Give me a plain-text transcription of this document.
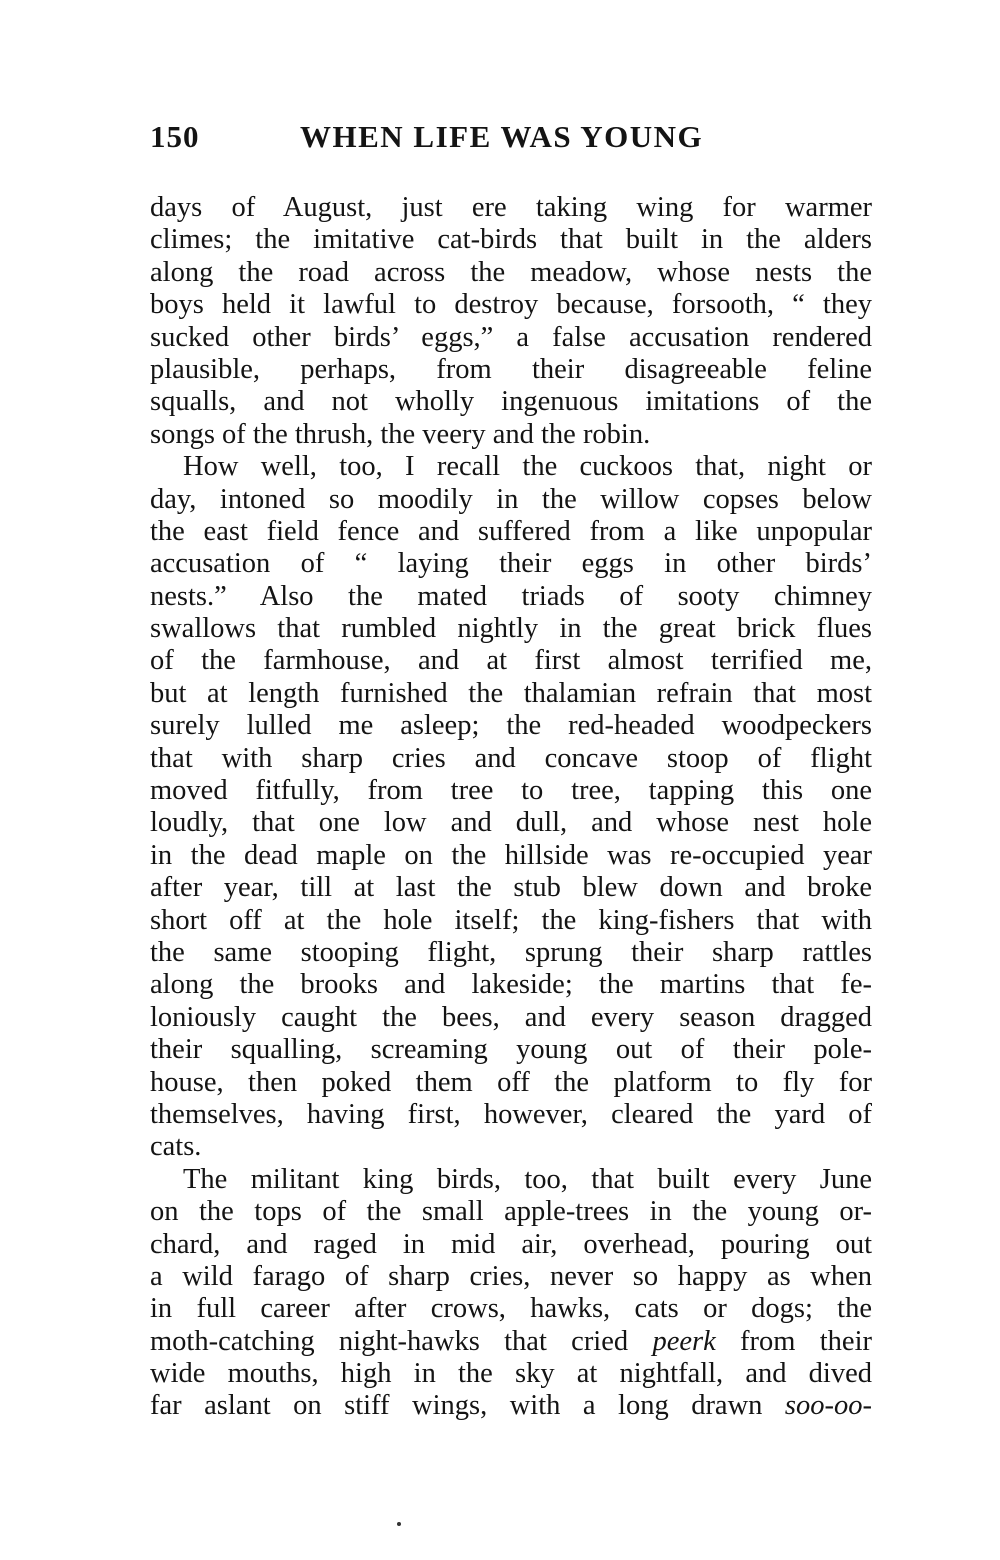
150	WHEN LIFE WAS YOUNG
days of August, just ere taking wing for warmer
climes; the imitative cat-birds that built in the alders
along the road across the meadow, whose nests the
boys held it lawful to destroy because, forsooth, “ they
sucked other birds’ eggs,” a false accusation rendered
plausible, perhaps, from their disagreeable feline
squalls, and not wholly ingenuous imitations of the
songs of the thrush, the veery and the robin.
How well, too, I recall the cuckoos that, night or
day, intoned so moodily in the willow copses below
the east field fence and suffered from a like unpopular
accusation of “ laying their eggs in other birds’
nests.” Also the mated triads of sooty chimney
swallows that rumbled nightly in the great brick flues
of the farmhouse, and at first almost terrified me,
but at length furnished the thalamian refrain that most
surely lulled me asleep; the red-headed woodpeckers
that with sharp cries and concave stoop of flight
moved fitfully, from tree to tree, tapping this one
loudly, that one low and dull, and whose nest hole
in the dead maple on the hillside was re-occupied year
after year, till at last the stub blew down and broke
short off at the hole itself; the king-fishers that with
the same stooping flight, sprung their sharp rattles
along the brooks and lakeside; the martins that fe-
loniously caught the bees, and every season dragged
their squalling, screaming young out of their pole-
house, then poked them off the platform to fly for
themselves, having first, however, cleared the yard of
cats.
The militant king birds, too, that built every June
on the tops of the small apple-trees in the young or-
chard, and raged in mid air, overhead, pouring out
a wild farago of sharp cries, never so happy as when
in full career after crows, hawks, cats or dogs; the
moth-catching night-hawks that cried peerk from their
wide mouths, high in the sky at nightfall, and dived
far aslant on stiff wings, with a long drawn soo-oo-
